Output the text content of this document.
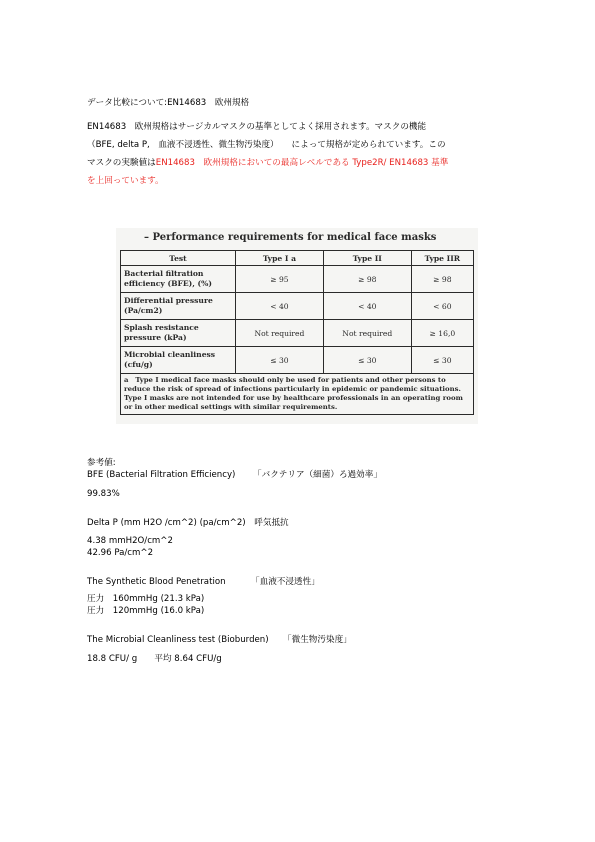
データ比較について:EN14683　欧州規格
EN14683　欧州規格はサージカルマスクの基準としてよく採用されます。マスクの機能
（BFE, delta P,　血液不浸透性、微生物汚染度）　　によって規格が定められています。この
マスクの実験値はEN14683　欧州規格においての最高レベルである Type2R/ EN14683 基準
を上回っています。
– Performance requirements for medical face masks
Test	Type I a	Type II	Type IIR
Bacterial filtration efficiency (BFE), (%)	≥ 95	≥ 98	≥ 98
Differential pressure (Pa/cm2)	< 40	< 40	< 60
Splash resistance pressure (kPa)	Not required	Not required	≥ 16,0
Microbial cleanliness (cfu/g)	≤ 30	≤ 30	≤ 30
a　Type I medical face masks should only be used for patients and other persons to reduce the risk of spread of infections particularly in epidemic or pandemic situations. Type I masks are not intended for use by healthcare professionals in an operating room or in other medical settings with similar requirements.			
参考値:
BFE (Bacterial Filtration Efficiency) 「バクテリア（細菌）ろ過効率」
99.83%
Delta P (mm H2O /cm^2) (pa/cm^2)　呼気抵抗
4.38 mmH2O/cm^2
42.96 Pa/cm^2
The Synthetic Blood Penetration	「血液不浸透性」
圧力　160mmHg (21.3 kPa)
圧力　120mmHg (16.0 kPa)
The Microbial Cleanliness test (Bioburden) 「微生物汚染度」
18.8 CFU/ g　　平均 8.64 CFU/g
